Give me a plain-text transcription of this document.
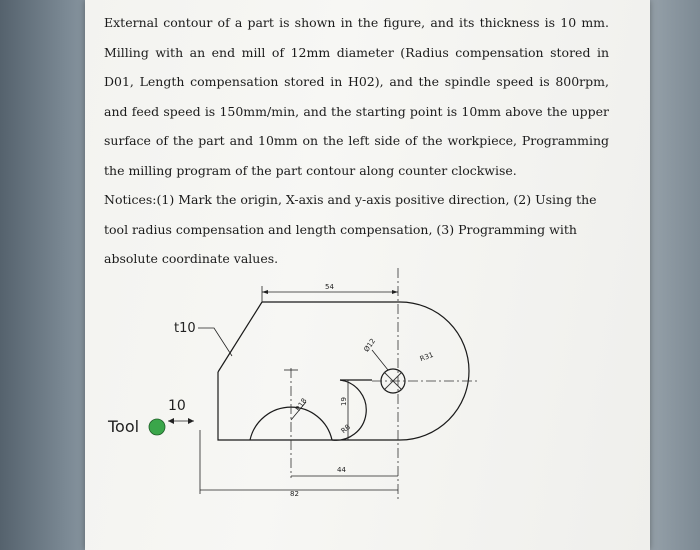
External contour of a part is shown in the figure, and its thickness is 10 mm. Milling with an end mill of 12mm diameter (Radius compensation stored in D01, Length compensation stored in H02), and the spindle speed is 800rpm, and feed speed is 150mm/min, and the starting point is 10mm above the upper surface of the part and 10mm on the left side of the workpiece, Programming the milling program of the part contour along counter clockwise.

Notices:(1) Mark the origin, X-axis and y-axis positive direction, (2) Using the tool radius compensation and length compensation, (3) Programming with absolute coordinate values.

t10
10
Tool
54
44
82
19
R18
R8
R31
Ø12
